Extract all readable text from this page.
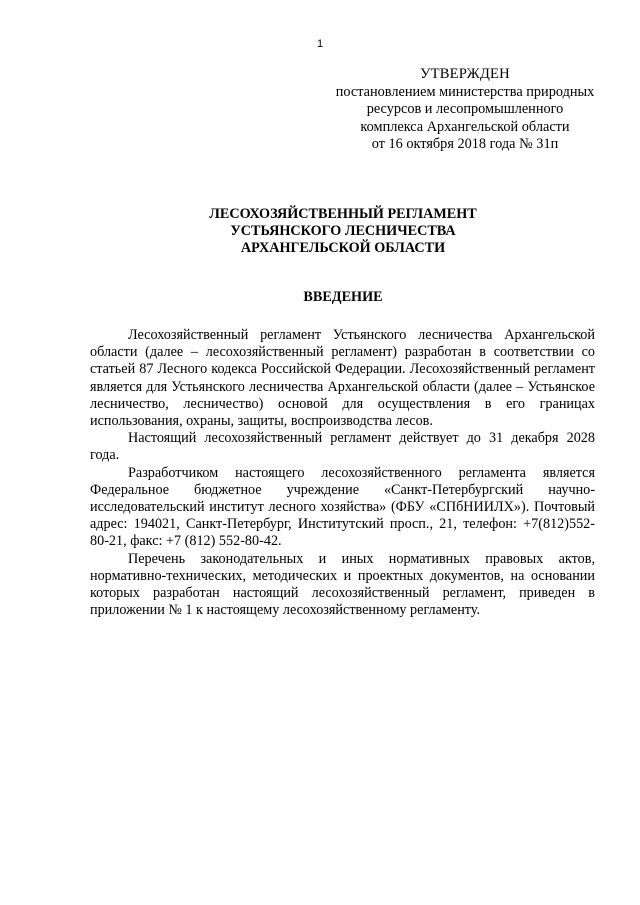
1
УТВЕРЖДЕН
постановлением министерства природных
ресурсов и лесопромышленного
комплекса Архангельской области
от 16 октября 2018 года № 31п
ЛЕСОХОЗЯЙСТВЕННЫЙ РЕГЛАМЕНТ
УСТЬЯНСКОГО ЛЕСНИЧЕСТВА
АРХАНГЕЛЬСКОЙ ОБЛАСТИ
ВВЕДЕНИЕ

Лесохозяйственный регламент Устьянского лесничества Архангельской области (далее – лесохозяйственный регламент) разработан в соответствии со статьей 87 Лесного кодекса Российской Федерации. Лесохозяйственный регламент является для Устьянского лесничества Архангельской области (далее – Устьянское лесничество, лесничество) основой для осуществления в его границах использования, охраны, защиты, воспроизводства лесов.

Настоящий лесохозяйственный регламент действует до 31 декабря 2028 года.

Разработчиком настоящего лесохозяйственного регламента является Федеральное бюджетное учреждение «Санкт-Петербургский научно-исследовательский институт лесного хозяйства» (ФБУ «СПбНИИЛХ»). Почтовый адрес: 194021, Санкт-Петербург, Институтский просп., 21, телефон: +7(812)552-80-21, факс: +7 (812) 552-80-42.

Перечень законодательных и иных нормативных правовых актов, нормативно-технических, методических и проектных документов, на основании которых разработан настоящий лесохозяйственный регламент, приведен в приложении № 1 к настоящему лесохозяйственному регламенту.
